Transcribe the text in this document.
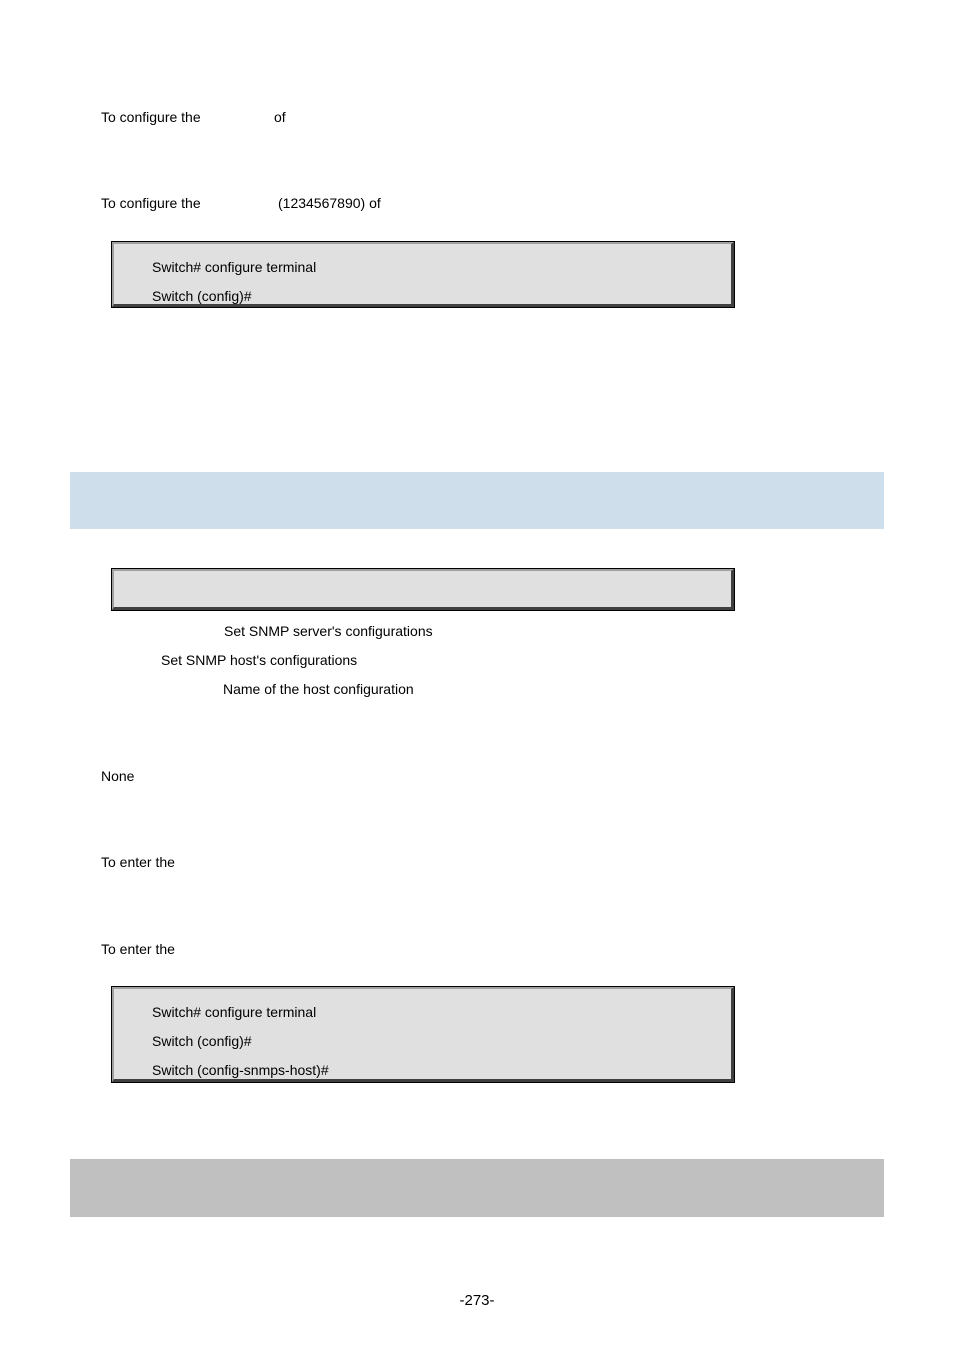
To configure the	of
To configure the	(1234567890) of
Switch# configure terminal
Switch (config)#
Set SNMP server's configurations
Set SNMP host's configurations
Name of the host configuration
None
To enter the
To enter the
Switch# configure terminal
Switch (config)#
Switch (config-snmps-host)#
-273-
